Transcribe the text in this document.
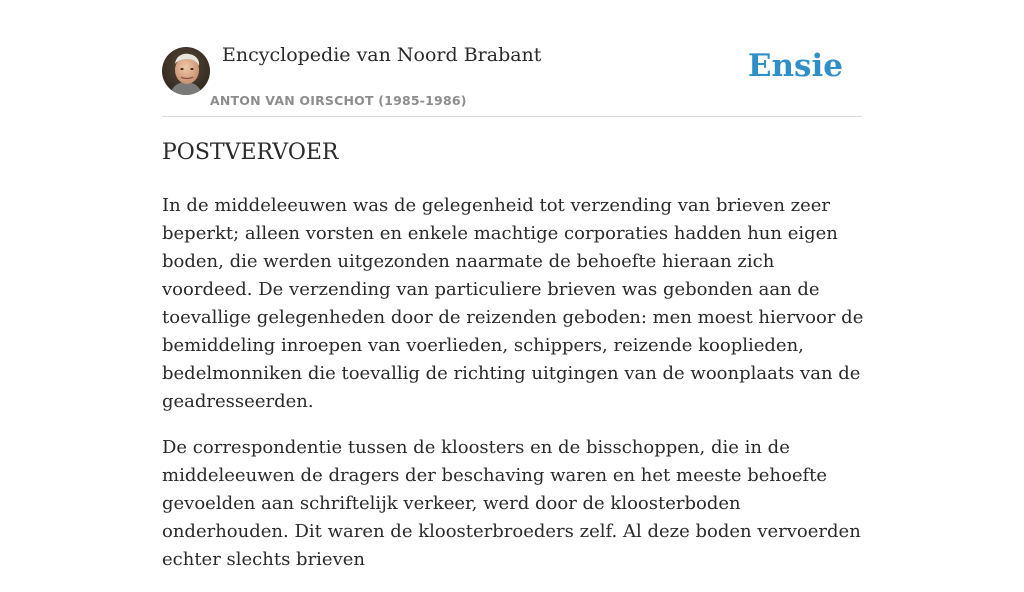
Encyclopedie van Noord Brabant
ANTON VAN OIRSCHOT (1985-1986)
Ensie
POSTVERVOER

In de middeleeuwen was de gelegenheid tot verzending van brieven zeer beperkt; alleen vorsten en enkele machtige corporaties hadden hun eigen boden, die werden uitgezonden naarmate de behoefte hieraan zich voordeed. De verzending van particuliere brieven was gebonden aan de toevallige gelegenheden door de reizenden geboden: men moest hiervoor de bemiddeling inroepen van voerlieden, schippers, reizende kooplieden, bedelmonniken die toevallig de richting uitgingen van de woonplaats van de geadresseerden.

De correspondentie tussen de kloosters en de bisschoppen, die in de middeleeuwen de dragers der beschaving waren en het meeste behoefte gevoelden aan schriftelijk verkeer, werd door de kloosterboden onderhouden. Dit waren de kloosterbroeders zelf. Al deze boden vervoerden echter slechts brieven
